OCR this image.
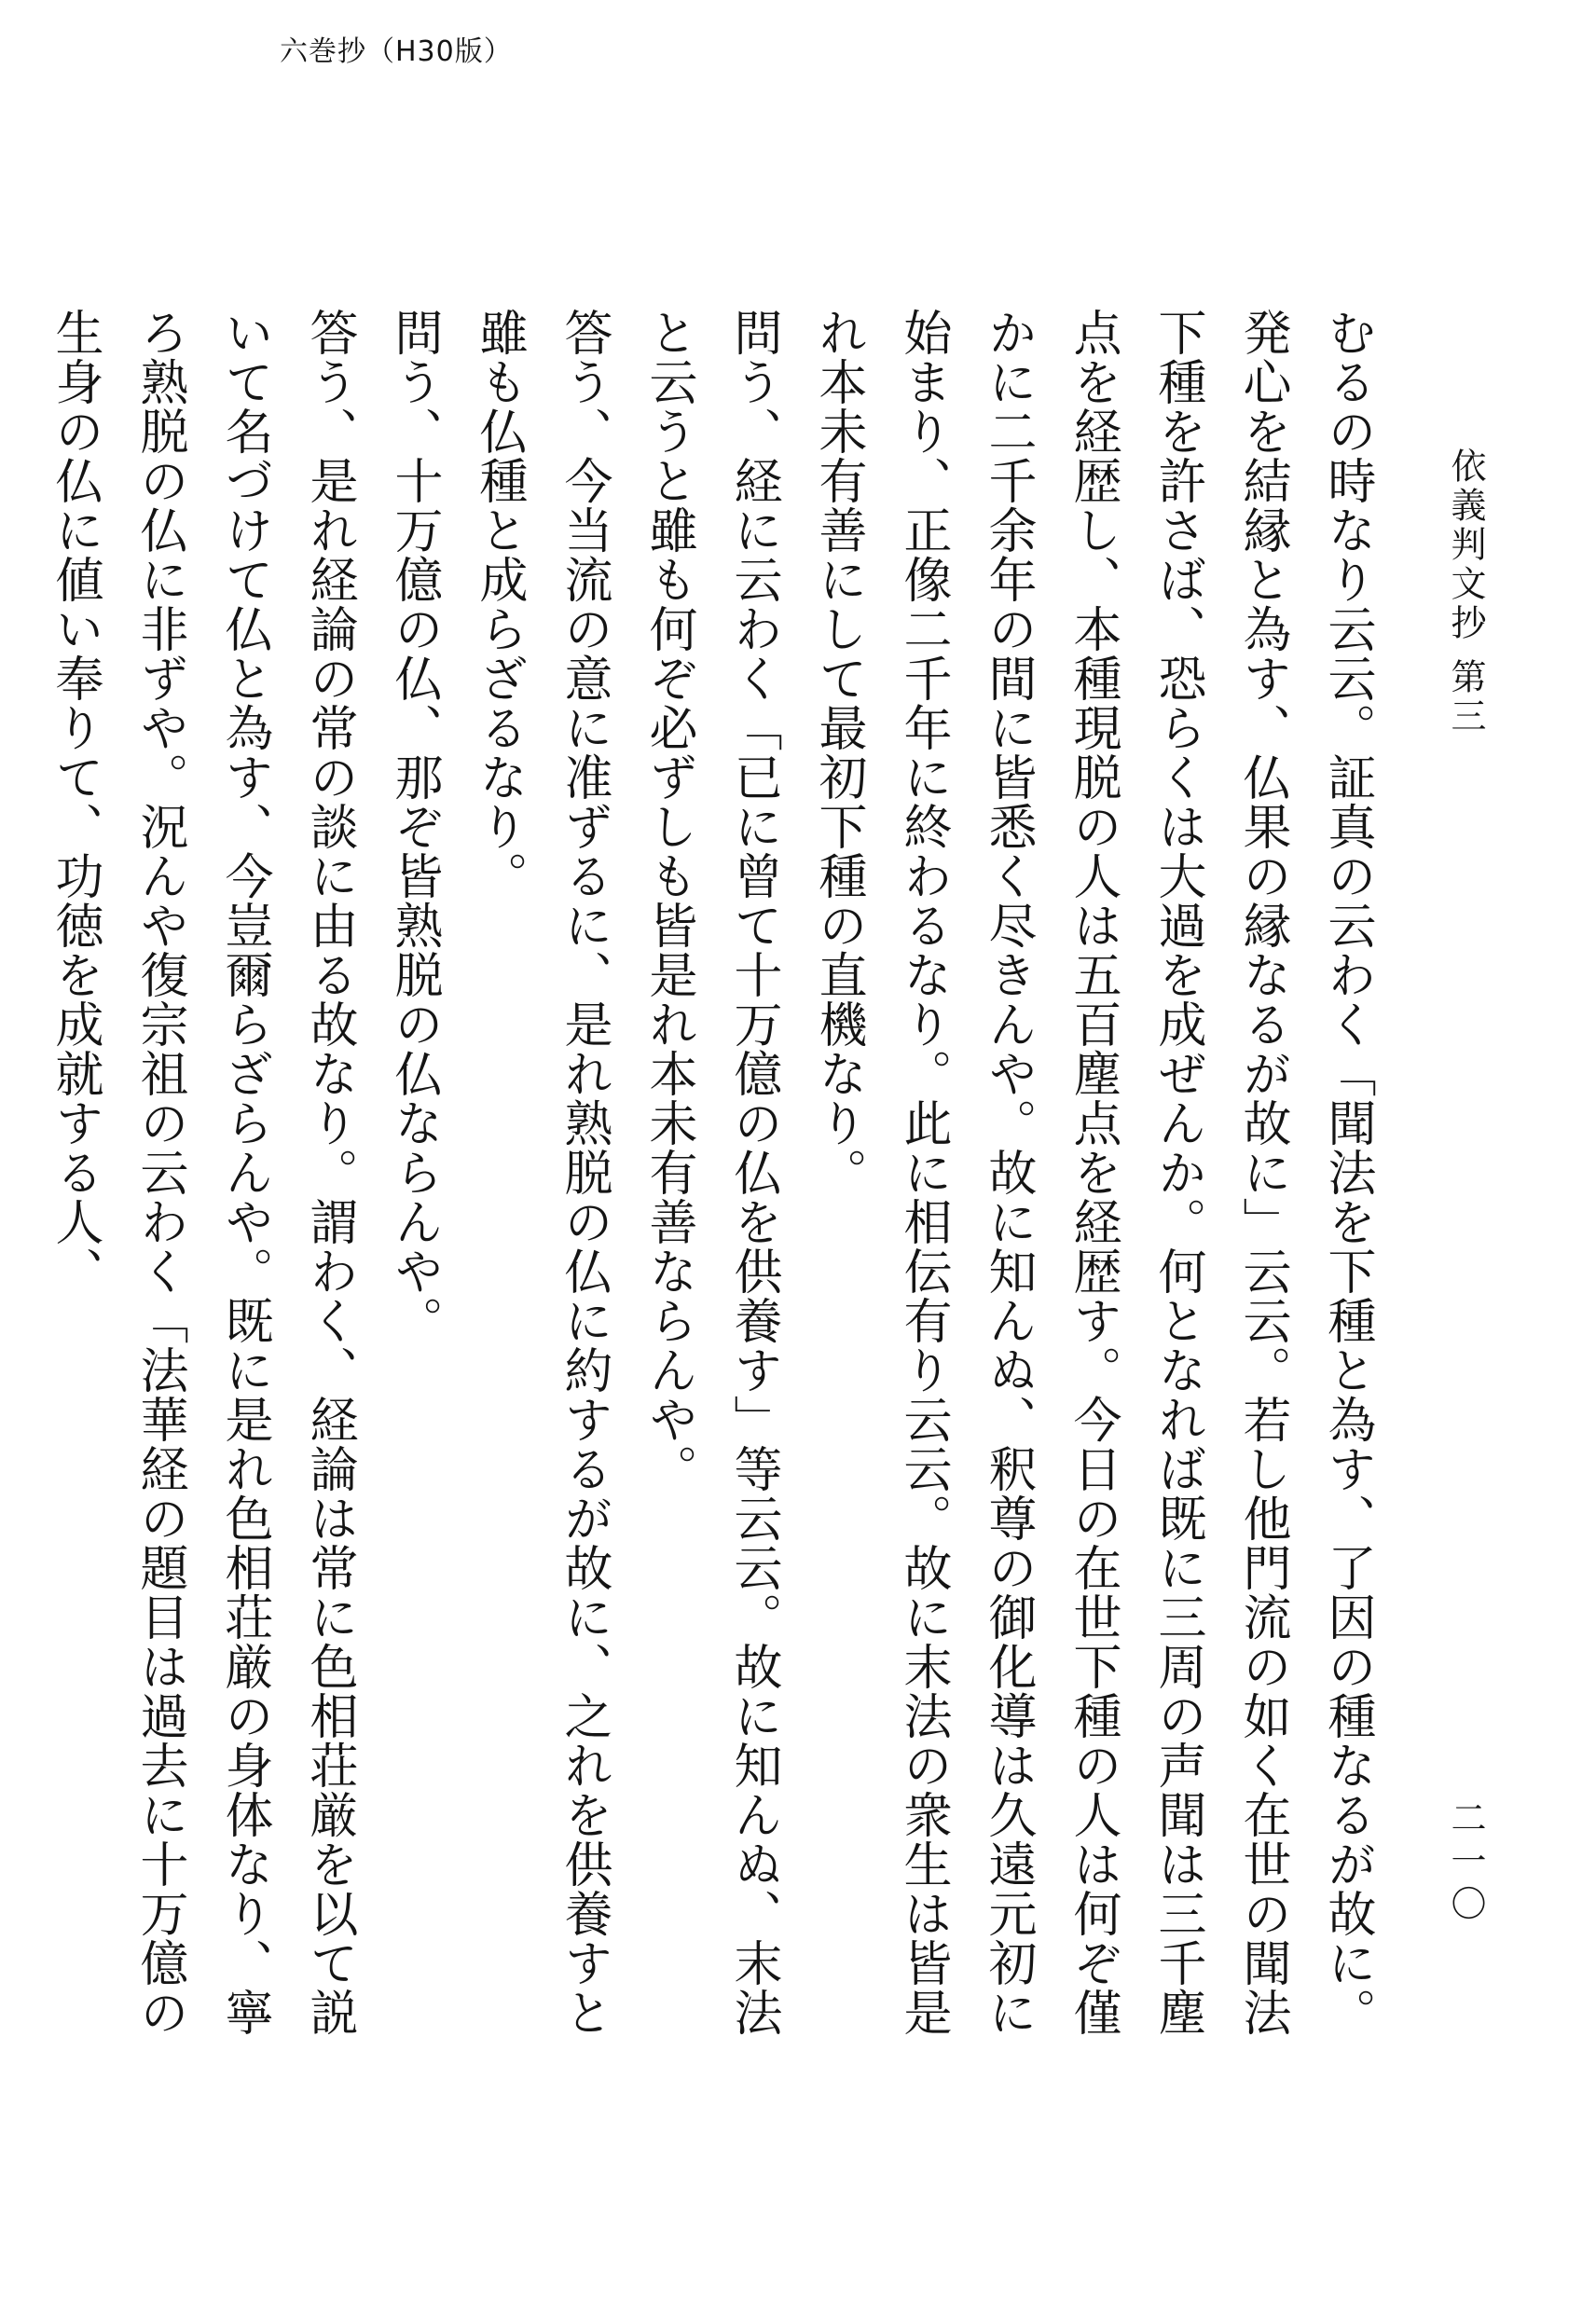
六巻抄（H30版）
依義判文抄 第三
二一〇

むるの時なり云云。証真の云わく「聞法を下種と為す、了因の種なるが故に。発心を結縁と為す、仏果の縁なるが故に」云云。若し他門流の如く在世の聞法下種を許さば、恐らくは大過を成ぜんか。何となれば既に三周の声聞は三千塵点を経歴し、本種現脱の人は五百塵点を経歴す。今日の在世下種の人は何ぞ僅かに二千余年の間に皆悉く尽きんや。故に知んぬ、釈尊の御化導は久遠元初に始まり、正像二千年に終わるなり。此に相伝有り云云。故に末法の衆生は皆是れ本未有善にして最初下種の直機なり。

問う、経に云わく「已に曾て十万億の仏を供養す」等云云。故に知んぬ、末法と云うと雖も何ぞ必ずしも皆是れ本未有善ならんや。

答う、今当流の意に准ずるに、是れ熟脱の仏に約するが故に、之れを供養すと雖も仏種と成らざるなり。

問う、十万億の仏、那ぞ皆熟脱の仏ならんや。

答う、是れ経論の常の談に由る故なり。謂わく、経論は常に色相荘厳を以て説いて名づけて仏と為す、今豈爾らざらんや。既に是れ色相荘厳の身体なり、寧ろ熟脱の仏に非ずや。況んや復宗祖の云わく「法華経の題目は過去に十万億の生身の仏に値い奉りて、功徳を成就する人、
